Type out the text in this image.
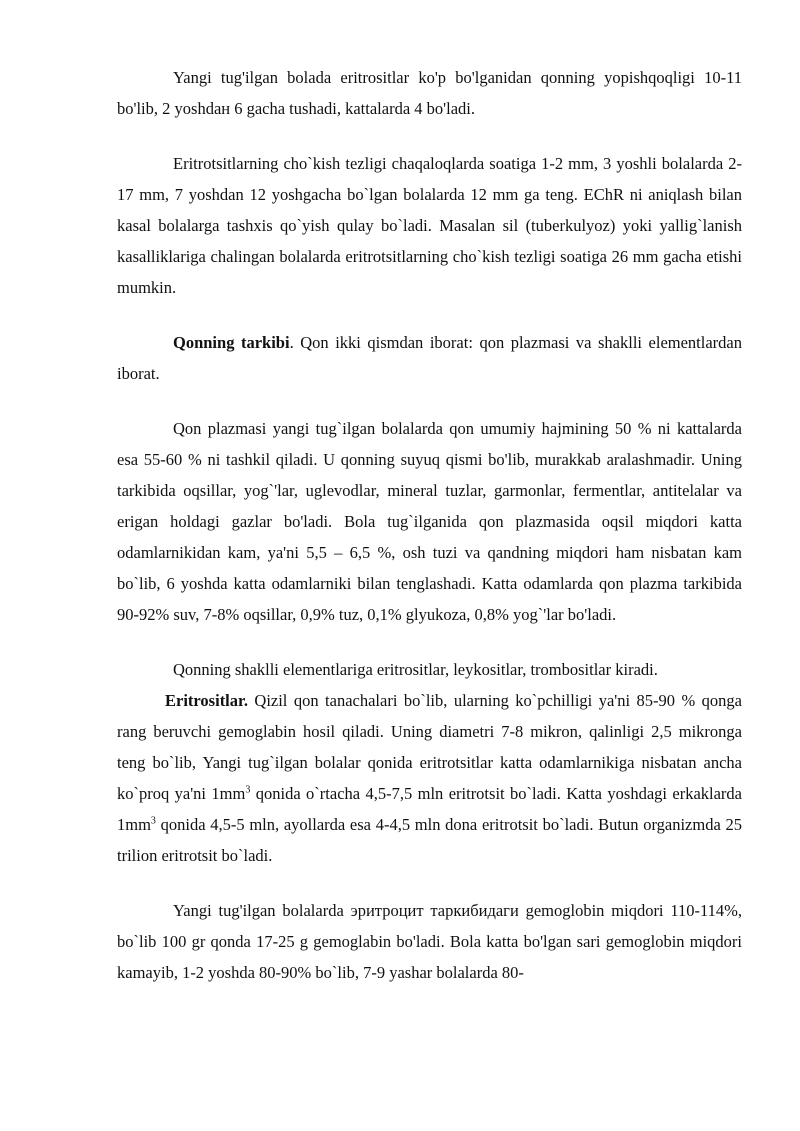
Yangi tug'ilgan bolada eritrositlar ko'p bo'lganidan qonning yopishqoqligi 10-11 bo'lib, 2 yoshdaн 6 gacha tushadi, kattalarda 4 bo'ladi.

Eritrotsitlarning cho`kish tezligi chaqaloqlarda soatiga 1-2 mm, 3 yoshli bolalarda 2-17 mm, 7 yoshdan 12 yoshgacha bo`lgan bolalarda 12 mm ga teng. EChR ni aniqlash bilan kasal bolalarga tashxis qo`yish qulay bo`ladi. Masalan sil (tuberkulyoz) yoki yallig`lanish kasalliklariga chalingan bolalarda eritrotsitlarning cho`kish tezligi soatiga 26 mm gacha etishi mumkin.

Qonning tarkibi. Qon ikki qismdan iborat: qon plazmasi va shaklli elementlardan iborat.

Qon plazmasi yangi tug`ilgan bolalarda qon umumiy hajmining 50 % ni kattalarda esa 55-60 % ni tashkil qiladi. U qonning suyuq qismi bo'lib, murakkab aralashmadir. Uning tarkibida oqsillar, yog`'lar, uglevodlar, mineral tuzlar, garmonlar, fermentlar, antitelalar va erigan holdagi gazlar bo'ladi. Bola tug`ilganida qon plazmasida oqsil miqdori katta odamlarnikidan kam, ya'ni 5,5 – 6,5 %, osh tuzi va qandning miqdori ham nisbatan kam bo`lib, 6 yoshda katta odamlarniki bilan tenglashadi. Katta odamlarda qon plazma tarkibida 90-92% suv, 7-8% oqsillar, 0,9% tuz, 0,1% glyukoza, 0,8% yog`'lar bo'ladi.

Qonning shaklli elementlariga eritrositlar, leykositlar, trombositlar kiradi.

Eritrositlar. Qizil qon tanachalari bo`lib, ularning ko`pchilligi ya'ni 85-90 % qonga rang beruvchi gemoglabin hosil qiladi. Uning diametri 7-8 mikron, qalinligi 2,5 mikronga teng bo`lib, Yangi tug`ilgan bolalar qonida eritrotsitlar katta odamlarnikiga nisbatan ancha ko`proq ya'ni $1mm^3$ qonida o`rtacha 4,5-7,5 mln eritrotsit bo`ladi. Katta yoshdagi erkaklarda $1mm^3$ qonida 4,5-5 mln, ayollarda esa 4-4,5 mln dona eritrotsit bo`ladi. Butun organizmda 25 trilion eritrotsit bo`ladi.

Yangi tug'ilgan bolalarda эритроцит таркибидаги gemoglobin miqdori 110-114%, bo`lib 100 gr qonda 17-25 g gemoglabin bo'ladi. Bola katta bo'lgan sari gemoglobin miqdori kamayib, 1-2 yoshda 80-90% bo`lib, 7-9 yashar bolalarda 80-
